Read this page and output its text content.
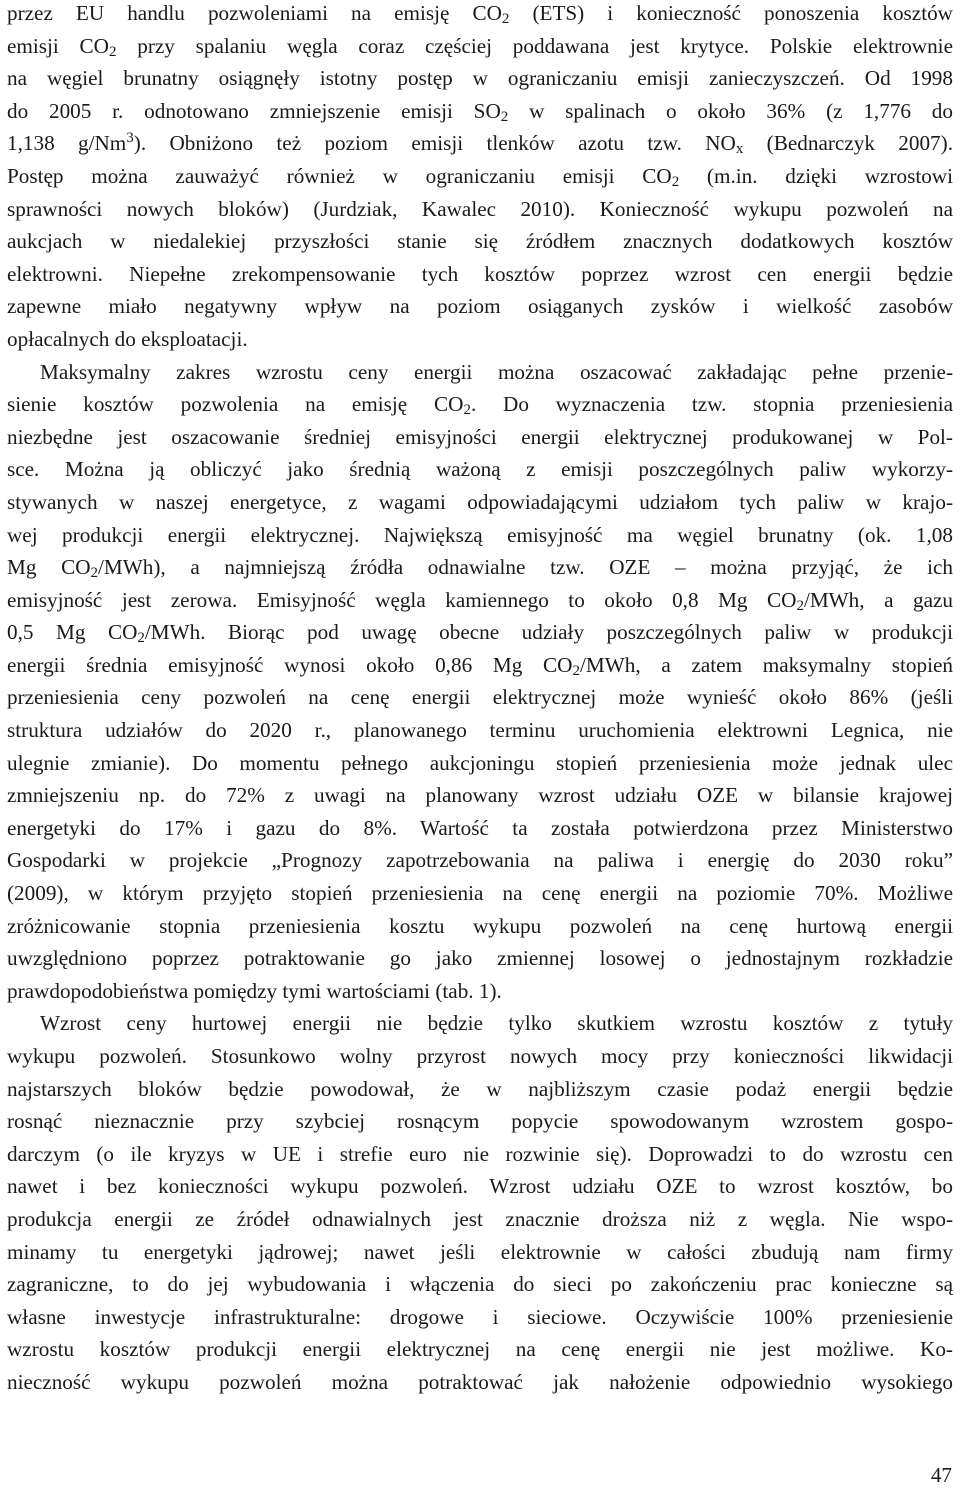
przez EU handlu pozwoleniami na emisję $CO_2$ (ETS) i konieczność ponoszenia kosztów
emisji $CO_2$ przy spalaniu węgla coraz częściej poddawana jest krytyce. Polskie elektrownie
na węgiel brunatny osiągnęły istotny postęp w ograniczaniu emisji zanieczyszczeń. Od 1998
do 2005 r. odnotowano zmniejszenie emisji $SO_2$ w spalinach o około 36% (z 1,776 do
1,138 g/Nm$^3$). Obniżono też poziom emisji tlenków azotu tzw. $NO_x$ (Bednarczyk 2007).
Postęp można zauważyć również w ograniczaniu emisji $CO_2$ (m.in. dzięki wzrostowi
sprawności nowych bloków) (Jurdziak, Kawalec 2010). Konieczność wykupu pozwoleń na
aukcjach w niedalekiej przyszłości stanie się źródłem znacznych dodatkowych kosztów
elektrowni. Niepełne zrekompensowanie tych kosztów poprzez wzrost cen energii będzie
zapewne miało negatywny wpływ na poziom osiąganych zysków i wielkość zasobów
opłacalnych do eksploatacji.
Maksymalny zakres wzrostu ceny energii można oszacować zakładając pełne przenie-
sienie kosztów pozwolenia na emisję $CO_2$. Do wyznaczenia tzw. stopnia przeniesienia
niezbędne jest oszacowanie średniej emisyjności energii elektrycznej produkowanej w Pol-
sce. Można ją obliczyć jako średnią ważoną z emisji poszczególnych paliw wykorzy-
stywanych w naszej energetyce, z wagami odpowiadającymi udziałom tych paliw w krajo-
wej produkcji energii elektrycznej. Największą emisyjność ma węgiel brunatny (ok. 1,08
Mg $CO_2/MWh$), a najmniejszą źródła odnawialne tzw. OZE – można przyjąć, że ich
emisyjność jest zerowa. Emisyjność węgla kamiennego to około 0,8 Mg $CO_2$/MWh, a gazu
0,5 Mg $CO_2$/MWh. Biorąc pod uwagę obecne udziały poszczególnych paliw w produkcji
energii średnia emisyjność wynosi około 0,86 Mg $CO_2$/MWh, a zatem maksymalny stopień
przeniesienia ceny pozwoleń na cenę energii elektrycznej może wynieść około 86% (jeśli
struktura udziałów do 2020 r., planowanego terminu uruchomienia elektrowni Legnica, nie
ulegnie zmianie). Do momentu pełnego aukcjoningu stopień przeniesienia może jednak ulec
zmniejszeniu np. do 72% z uwagi na planowany wzrost udziału OZE w bilansie krajowej
energetyki do 17% i gazu do 8%. Wartość ta została potwierdzona przez Ministerstwo
Gospodarki w projekcie „Prognozy zapotrzebowania na paliwa i energię do 2030 roku”
(2009), w którym przyjęto stopień przeniesienia na cenę energii na poziomie 70%. Możliwe
zróżnicowanie stopnia przeniesienia kosztu wykupu pozwoleń na cenę hurtową energii
uwzględniono poprzez potraktowanie go jako zmiennej losowej o jednostajnym rozkładzie
prawdopodobieństwa pomiędzy tymi wartościami (tab. 1).
Wzrost ceny hurtowej energii nie będzie tylko skutkiem wzrostu kosztów z tytuły
wykupu pozwoleń. Stosunkowo wolny przyrost nowych mocy przy konieczności likwidacji
najstarszych bloków będzie powodował, że w najbliższym czasie podaż energii będzie
rosnąć nieznacznie przy szybciej rosnącym popycie spowodowanym wzrostem gospo-
darczym (o ile kryzys w UE i strefie euro nie rozwinie się). Doprowadzi to do wzrostu cen
nawet i bez konieczności wykupu pozwoleń. Wzrost udziału OZE to wzrost kosztów, bo
produkcja energii ze źródeł odnawialnych jest znacznie droższa niż z węgla. Nie wspo-
minamy tu energetyki jądrowej; nawet jeśli elektrownie w całości zbudują nam firmy
zagraniczne, to do jej wybudowania i włączenia do sieci po zakończeniu prac konieczne są
własne inwestycje infrastrukturalne: drogowe i sieciowe. Oczywiście 100% przeniesienie
wzrostu kosztów produkcji energii elektrycznej na cenę energii nie jest możliwe. Ko-
nieczność wykupu pozwoleń można potraktować jak nałożenie odpowiednio wysokiego
47
